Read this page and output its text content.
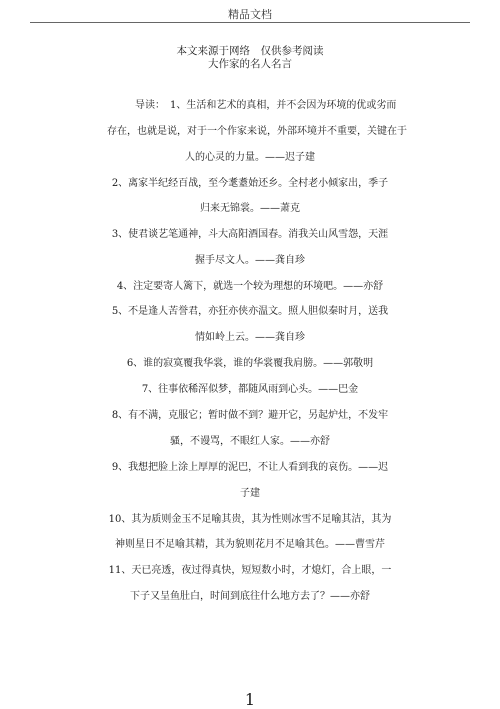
精品文档
本文来源于网络　仅供参考阅读
大作家的名人名言
导读：　1、生活和艺术的真相，并不会因为环境的优或劣而
存在，也就是说，对于一个作家来说，外部环境并不重要，关键在于
人的心灵的力量。——迟子建
2、离家半纪经百战，至今耄耋始还乡。全村老小倾家出，季子
归来无锦裳。——萧克
3、使君谈艺笔通神，斗大高阳酒国春。消我关山风雪怨，天涯
握手尽文人。——龚自珍
4、注定要寄人篱下，就选一个较为理想的环境吧。——亦舒
5、不是逢人苦誉君，亦狂亦侠亦温文。照人胆似秦时月，送我
情如岭上云。——龚自珍
6、谁的寂寞覆我华裳，谁的华裳覆我肩膀。——郭敬明
7、往事依稀浑似梦，都随风雨到心头。——巴金
8、有不满，克服它；暂时做不到？避开它，另起炉灶，不发牢
骚，不谩骂，不眼红人家。——亦舒
9、我想把脸上涂上厚厚的泥巴，不让人看到我的哀伤。——迟
子建
10、其为质则金玉不足喻其贵，其为性则冰雪不足喻其洁，其为
神则星日不足喻其精，其为貌则花月不足喻其色。——曹雪芹
11、天已亮透，夜过得真快，短短数小时，才熄灯，合上眼，一
下子又呈鱼肚白，时间到底往什么地方去了？——亦舒
1
